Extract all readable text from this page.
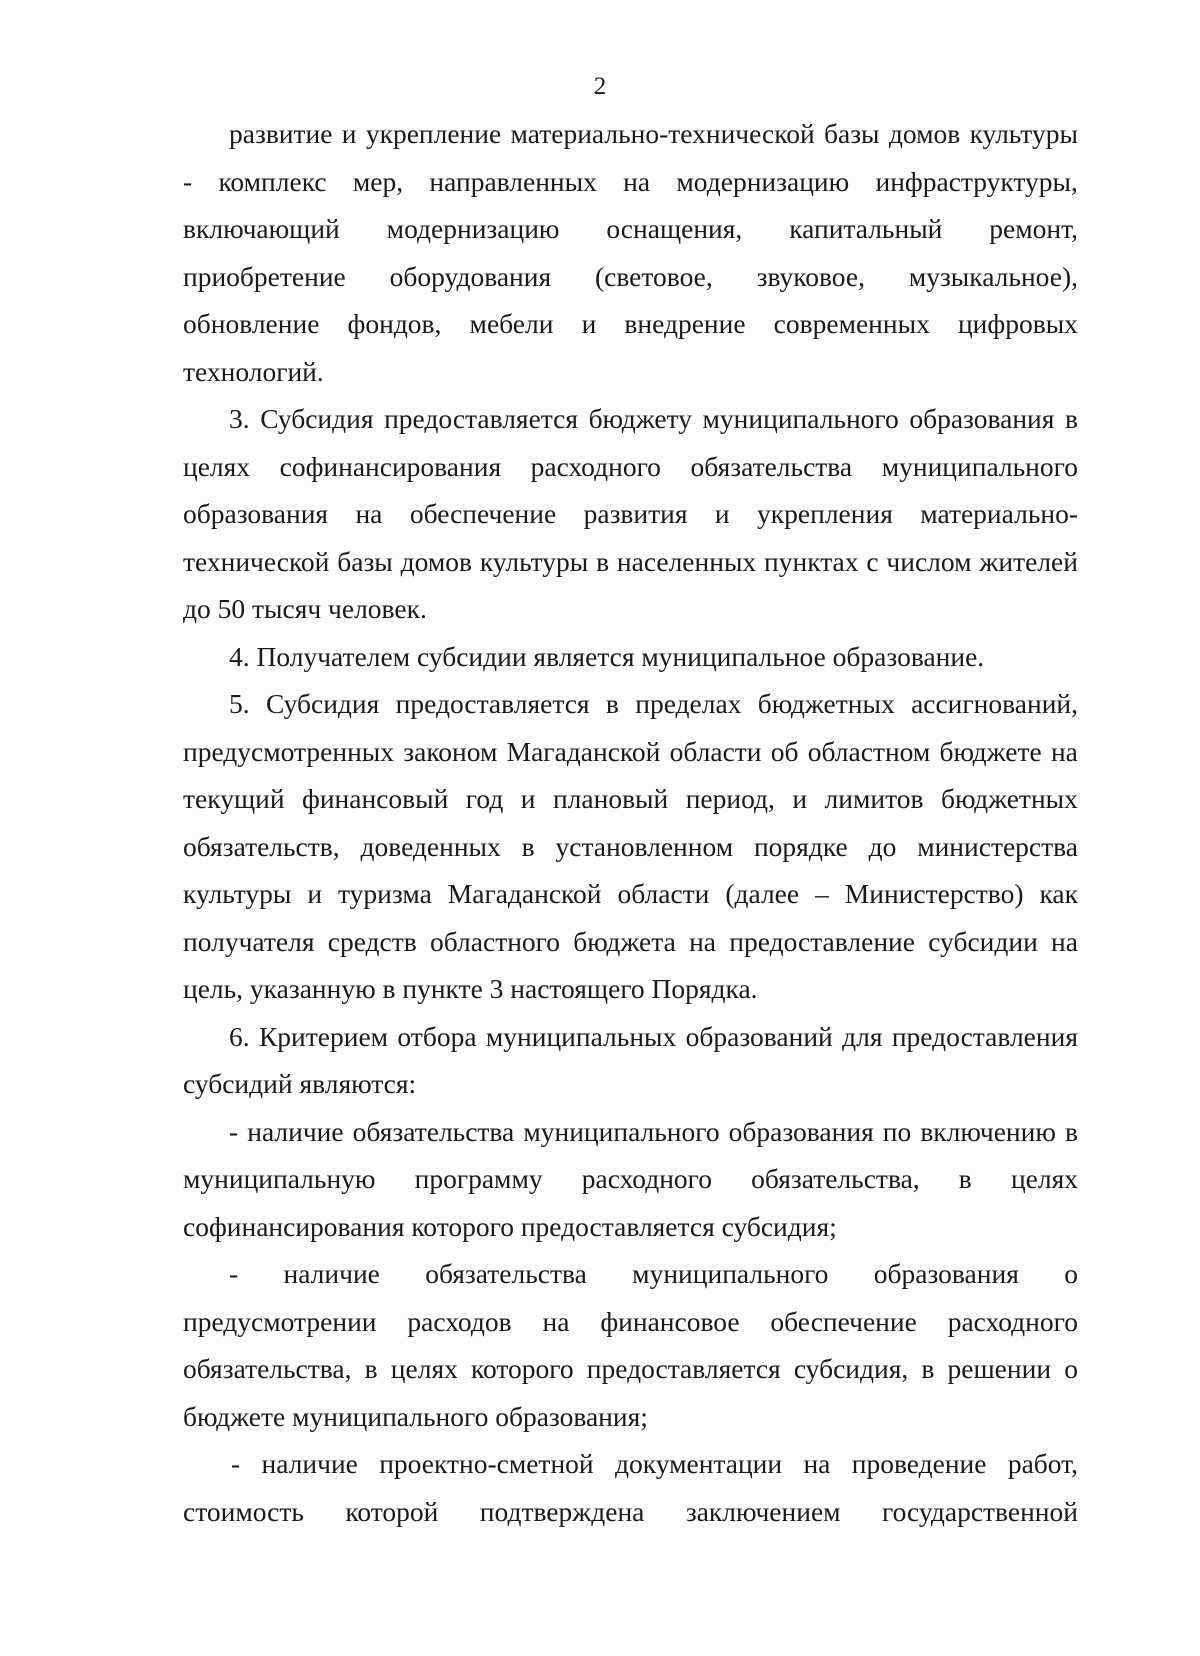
2
развитие и укрепление материально-технической базы домов культуры
- комплекс мер, направленных на модернизацию инфраструктуры,
включающий модернизацию оснащения, капитальный ремонт,
приобретение оборудования (световое, звуковое, музыкальное),
обновление фондов, мебели и внедрение современных цифровых
технологий.
3. Субсидия предоставляется бюджету муниципального образования в
целях софинансирования расходного обязательства муниципального
образования на обеспечение развития и укрепления материально-
технической базы домов культуры в населенных пунктах с числом жителей
до 50 тысяч человек.
4. Получателем субсидии является муниципальное образование.
5. Субсидия предоставляется в пределах бюджетных ассигнований,
предусмотренных законом Магаданской области об областном бюджете на
текущий финансовый год и плановый период, и лимитов бюджетных
обязательств, доведенных в установленном порядке до министерства
культуры и туризма Магаданской области (далее – Министерство) как
получателя средств областного бюджета на предоставление субсидии на
цель, указанную в пункте 3 настоящего Порядка.
6. Критерием отбора муниципальных образований для предоставления
субсидий являются:
- наличие обязательства муниципального образования по включению в
муниципальную программу расходного обязательства, в целях
софинансирования которого предоставляется субсидия;
- наличие обязательства муниципального образования о
предусмотрении расходов на финансовое обеспечение расходного
обязательства, в целях которого предоставляется субсидия, в решении о
бюджете муниципального образования;
- наличие проектно-сметной документации на проведение работ,
стоимость которой подтверждена заключением государственной
